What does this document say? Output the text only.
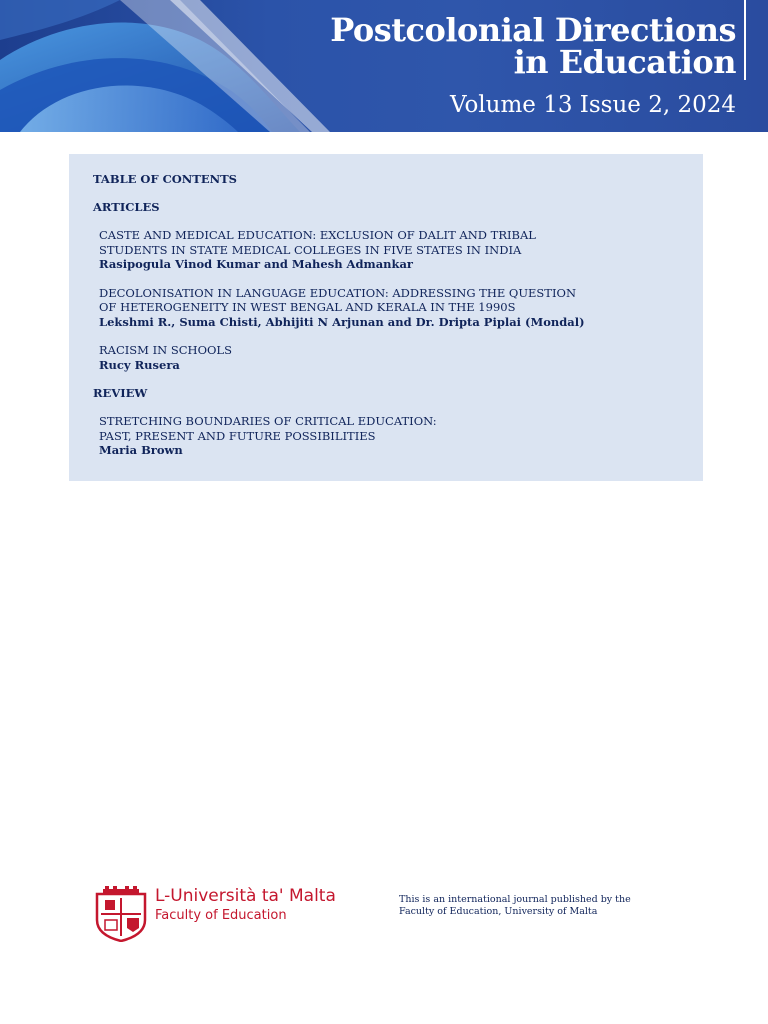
Postcolonial Directions
in Education
Volume 13 Issue 2, 2024

TABLE OF CONTENTS

ARTICLES

CASTE AND MEDICAL EDUCATION: EXCLUSION OF DALIT AND TRIBAL
STUDENTS IN STATE MEDICAL COLLEGES IN FIVE STATES IN INDIA
Rasipogula Vinod Kumar and Mahesh Admankar
DECOLONISATION IN LANGUAGE EDUCATION: ADDRESSING THE QUESTION
OF HETEROGENEITY IN WEST BENGAL AND KERALA IN THE 1990S
Lekshmi R., Suma Chisti, Abhijiti N Arjunan and Dr. Dripta Piplai (Mondal)
RACISM IN SCHOOLS
Rucy Rusera

REVIEW

STRETCHING BOUNDARIES OF CRITICAL EDUCATION:
PAST, PRESENT AND FUTURE POSSIBILITIES
Maria Brown
L-Università ta' Malta
Faculty of Education
This is an international journal published by the
Faculty of Education, University of Malta
